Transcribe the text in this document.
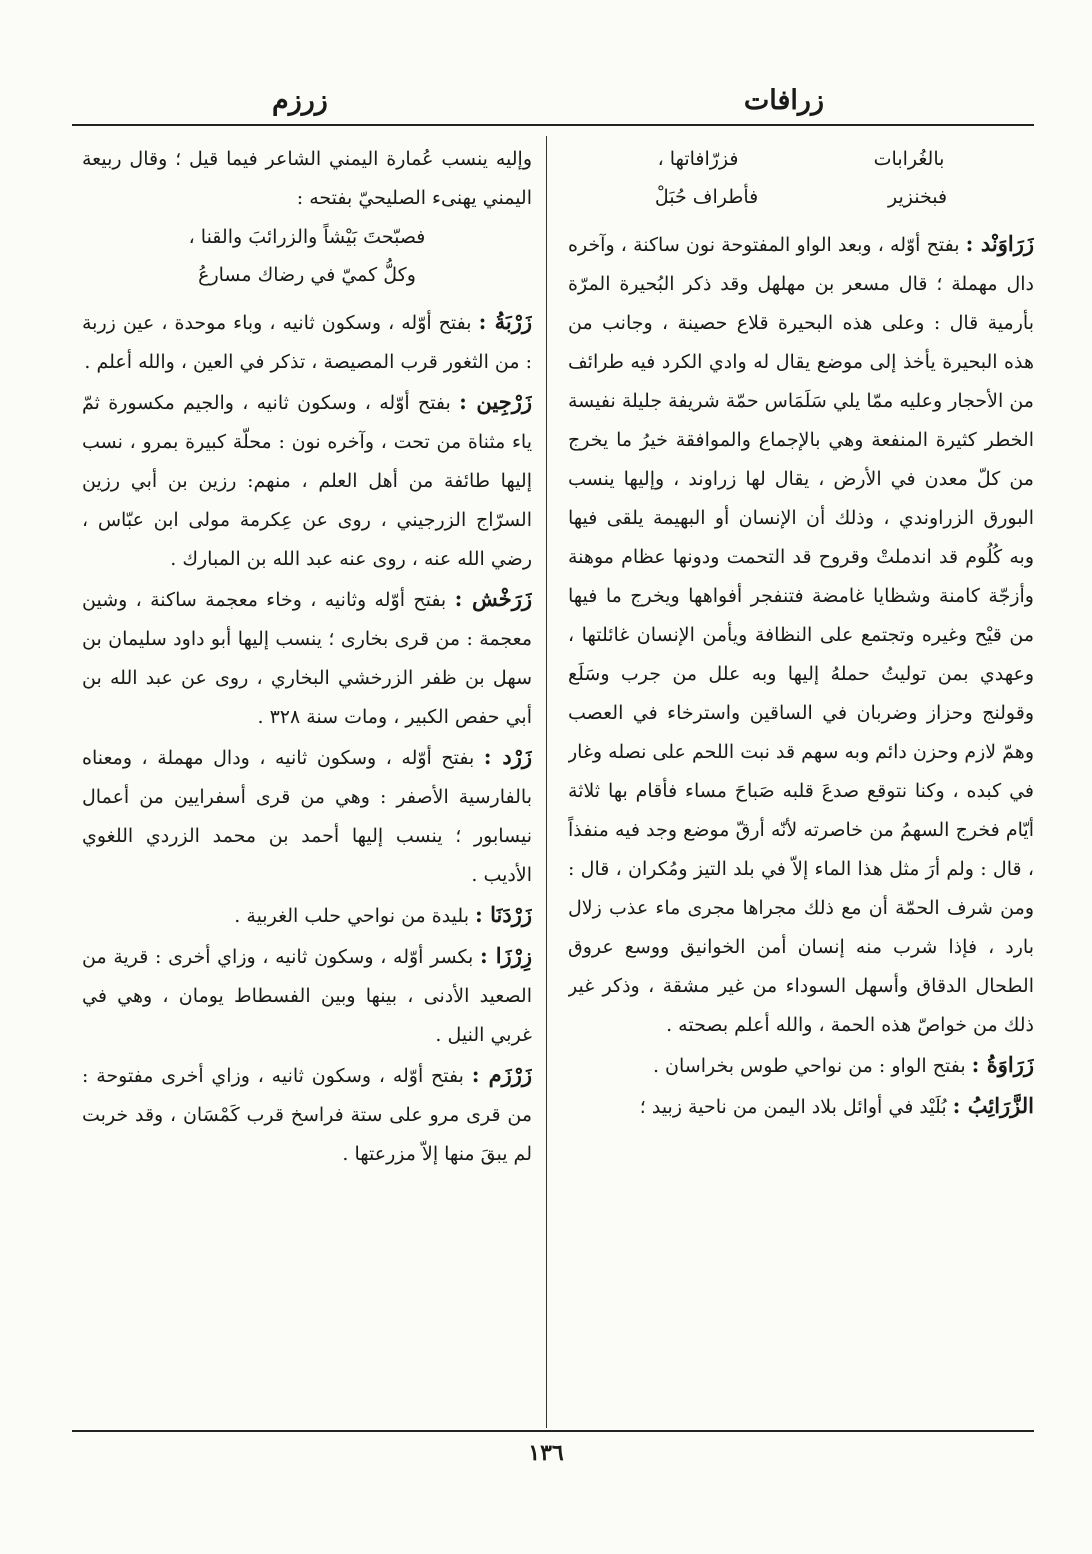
زرافات
زرزم
بالغُرابات
فزرّافاتها ،
فبخنزير
فأطراف حُبَلْ

زَرَاوَنْد : بفتح أوّله ، وبعد الواو المفتوحة نون ساكنة ، وآخره دال مهملة ؛ قال مسعر بن مهلهل وقد ذكر البُحيرة المرّة بأرمية قال : وعلى هذه البحيرة قلاع حصينة ، وجانب من هذه البحيرة يأخذ إلى موضع يقال له وادي الكرد فيه طرائف من الأحجار وعليه ممّا يلي سَلَمَاس حمّة شريفة جليلة نفيسة الخطر كثيرة المنفعة وهي بالإجماع والموافقة خيرُ ما يخرج من كلّ معدن في الأرض ، يقال لها زراوند ، وإليها ينسب البورق الزراوندي ، وذلك أن الإنسان أو البهيمة يلقى فيها وبه كُلُوم قد اندملتْ وقروح قد التحمت ودونها عظام موهنة وأزجّة كامنة وشظايا غامضة فتنفجر أفواهها ويخرج ما فيها من قيْح وغيره وتجتمع على النظافة ويأمن الإنسان غائلتها ، وعهدي بمن توليتُ حملهُ إليها وبه علل من جرب وسَلَع وقولنج وحزاز وضربان في الساقين واسترخاء في العصب وهمّ لازم وحزن دائم وبه سهم قد نبت اللحم على نصله وغار في كبده ، وكنا نتوقع صدعَ قلبه صَباحَ مساء فأقام بها ثلاثة أيّام فخرج السهمُ من خاصرته لأنّه أرقّ موضع وجد فيه منفذاً ، قال : ولم أرَ مثل هذا الماء إلاّ في بلد التيز ومُكران ، قال : ومن شرف الحمّة أن مع ذلك مجراها مجرى ماء عذب زلال بارد ، فإذا شرب منه إنسان أمن الخوانيق ووسع عروق الطحال الدقاق وأسهل السوداء من غير مشقة ، وذكر غير ذلك من خواصّ هذه الحمة ، والله أعلم بصحته .

زَرَاوَةُ : بفتح الواو : من نواحي طوس بخراسان .

الزَّرَائِبُ : بُلَيْد في أوائل بلاد اليمن من ناحية زبيد ؛

وإليه ينسب عُمارة اليمني الشاعر فيما قيل ؛ وقال ربيعة اليمني يهنىء الصليحيّ بفتحه :

فصبّحتَ بَيْشاً والزرائبَ والقنا ،
وكلُّ كميّ في رضاك مسارعُ

زَرْبَةُ : بفتح أوّله ، وسكون ثانيه ، وباء موحدة ، عين زربة : من الثغور قرب المصيصة ، تذكر في العين ، والله أعلم .

زَرْجِين : بفتح أوّله ، وسكون ثانيه ، والجيم مكسورة ثمّ ياء مثناة من تحت ، وآخره نون : محلّة كبيرة بمرو ، نسب إليها طائفة من أهل العلم ، منهم: رزين بن أبي رزين السرّاج الزرجيني ، روى عن عِكرمة مولى ابن عبّاس ، رضي الله عنه ، روى عنه عبد الله بن المبارك .

زَرَخْش : بفتح أوّله وثانيه ، وخاء معجمة ساكنة ، وشين معجمة : من قرى بخارى ؛ ينسب إليها أبو داود سليمان بن سهل بن ظفر الزرخشي البخاري ، روى عن عبد الله بن أبي حفص الكبير ، ومات سنة ٣٢٨ .

زَرْد : بفتح أوّله ، وسكون ثانيه ، ودال مهملة ، ومعناه بالفارسية الأصفر : وهي من قرى أسفرايين من أعمال نيسابور ؛ ينسب إليها أحمد بن محمد الزردي اللغوي الأديب .

زَرْدَنَا : بليدة من نواحي حلب الغربية .

زِرْزَا : بكسر أوّله ، وسكون ثانيه ، وزاي أخرى : قرية من الصعيد الأدنى ، بينها وبين الفسطاط يومان ، وهي في غربي النيل .

زَرْزَم : بفتح أوّله ، وسكون ثانيه ، وزاي أخرى مفتوحة : من قرى مرو على ستة فراسخ قرب كَمْسَان ، وقد خربت لم يبقَ منها إلاّ مزرعتها .

١٣٦
